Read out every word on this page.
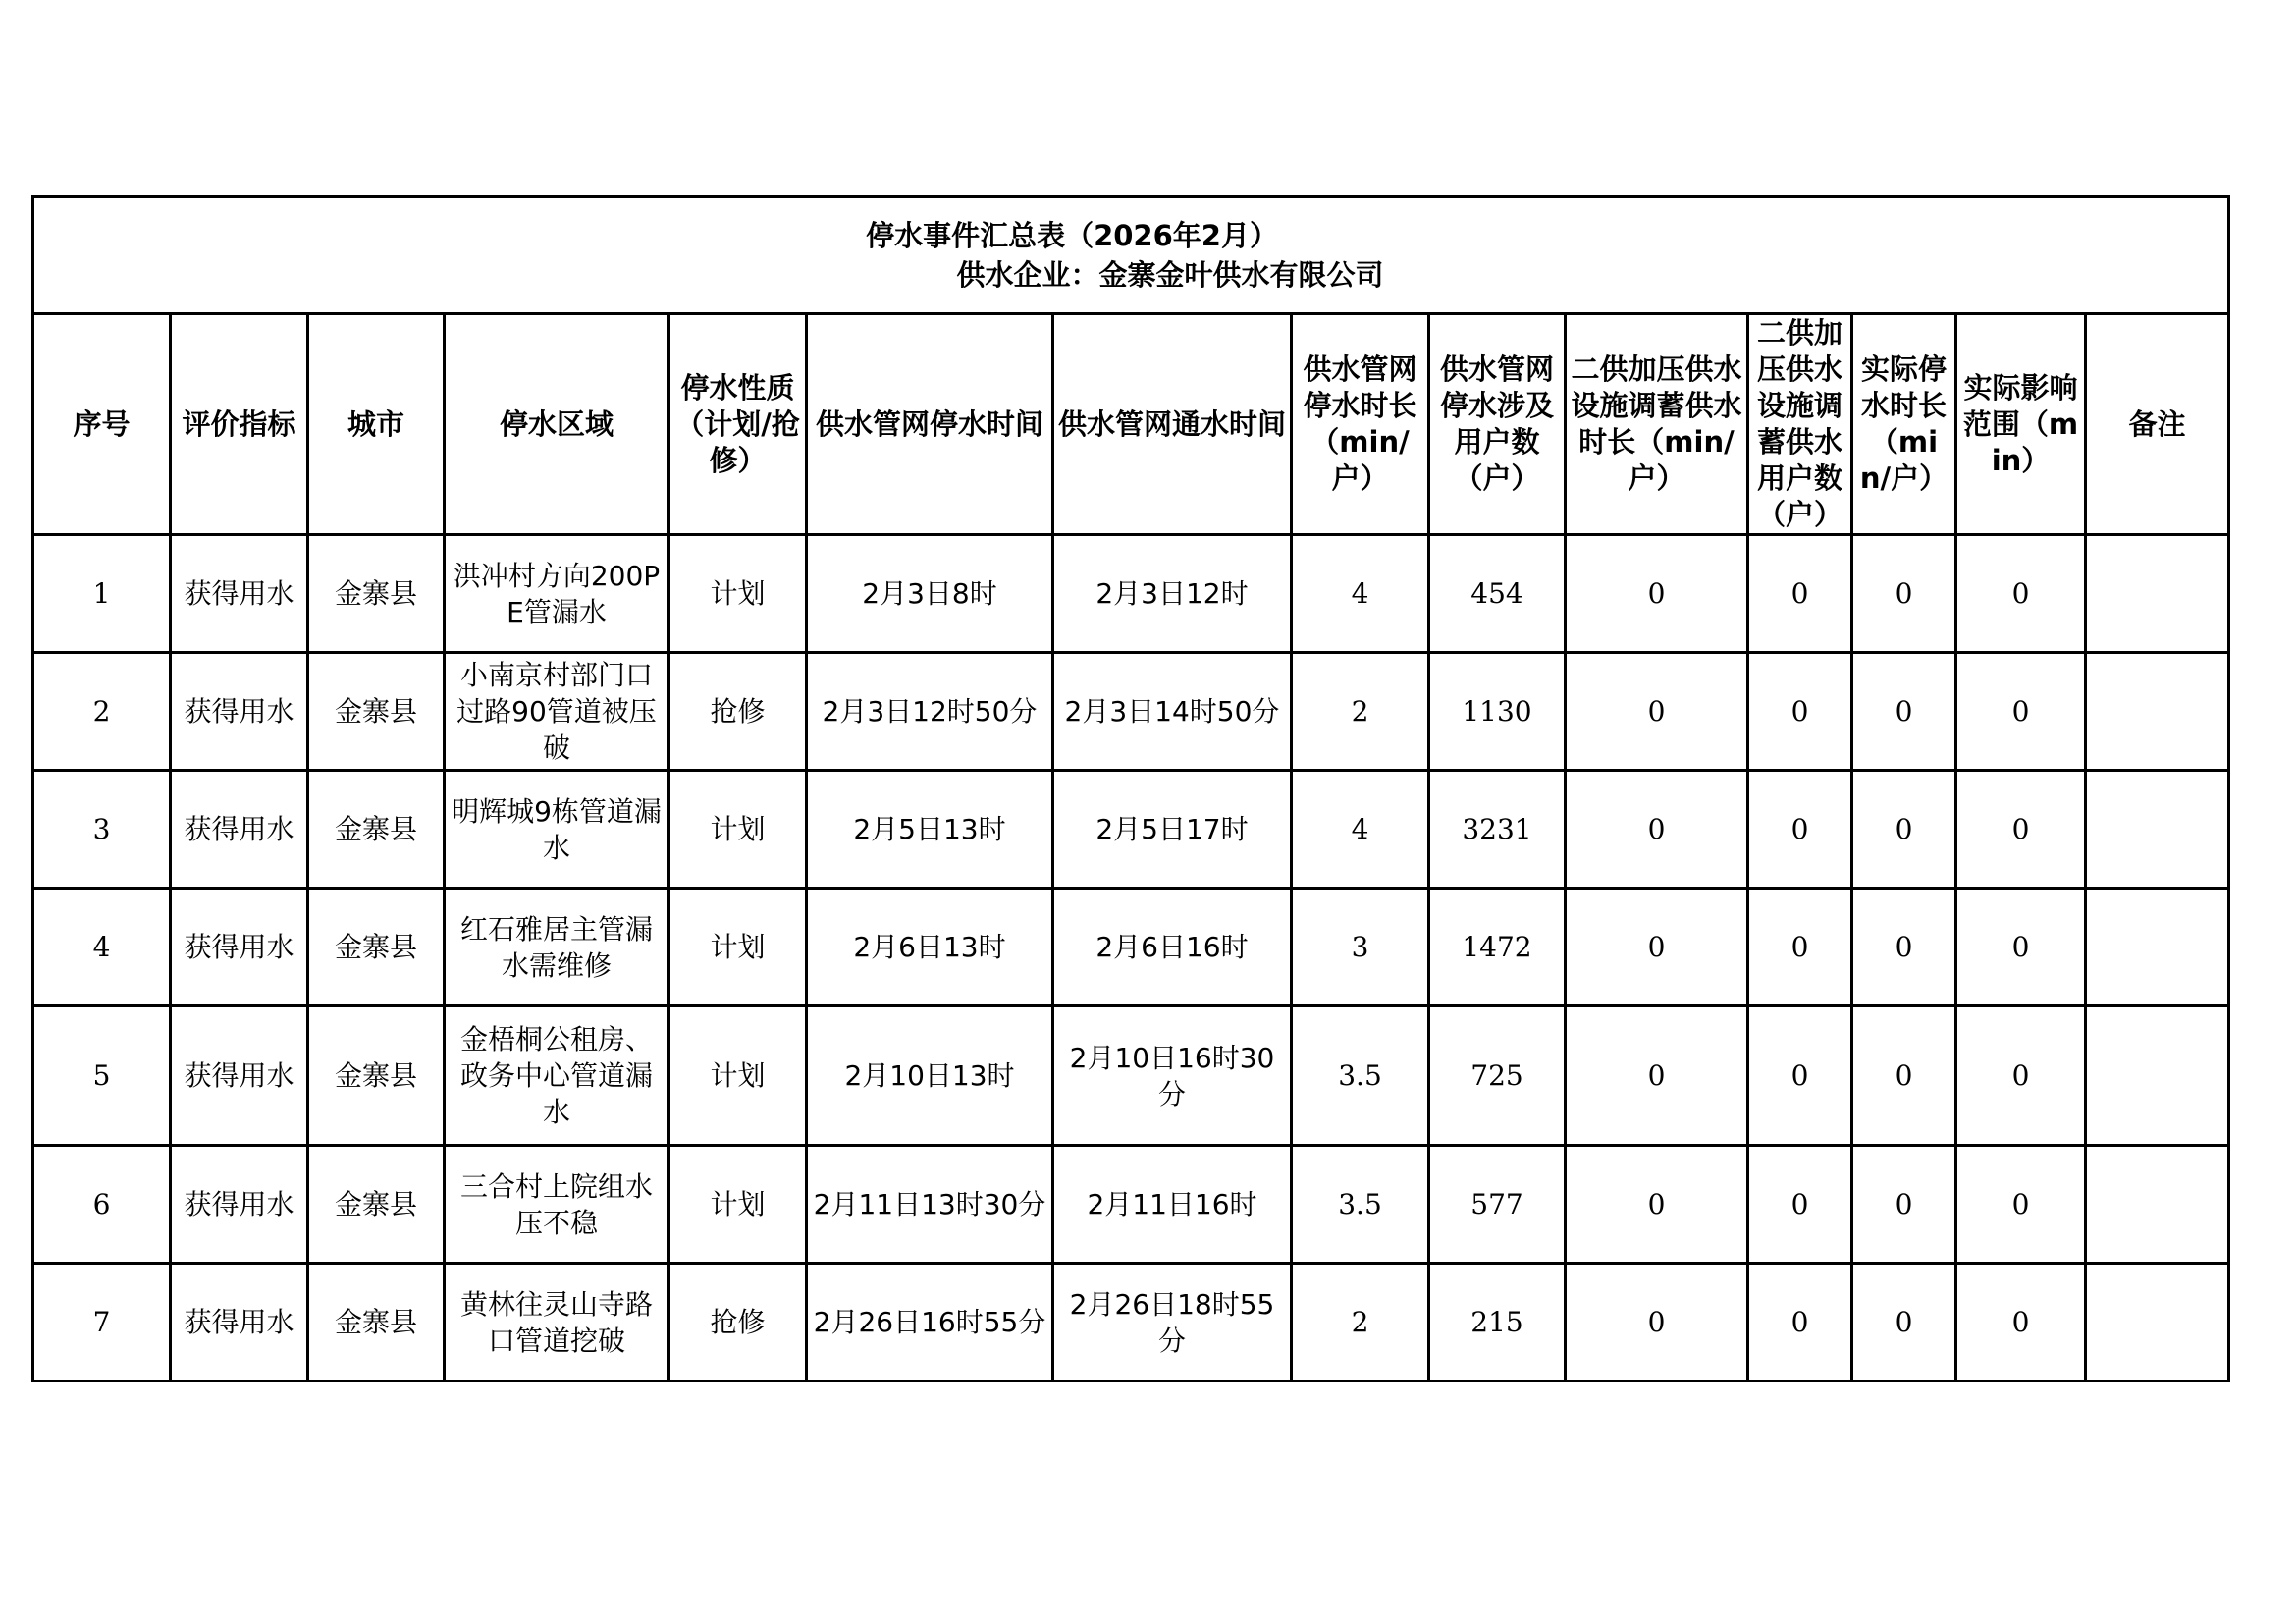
停水事件汇总表（2026年2月）
供水企业：金寨金叶供水有限公司													

序号	评价指标	城市	停水区域	停水性质（计划/抢修）	供水管网停水时间	供水管网通水时间	供水管网停水时长（min/户）	供水管网停水涉及用户数（户）	二供加压供水设施调蓄供水时长（min/户）	二供加压供水设施调蓄供水用户数（户）	实际停水时长（min/户）	实际影响范围（min）	备注
1	获得用水	金寨县	洪冲村方向200PE管漏水	计划	2月3日8时	2月3日12时	4	454	0	0	0	0	
2	获得用水	金寨县	小南京村部门口过路90管道被压破	抢修	2月3日12时50分	2月3日14时50分	2	1130	0	0	0	0	
3	获得用水	金寨县	明辉城9栋管道漏水	计划	2月5日13时	2月5日17时	4	3231	0	0	0	0	
4	获得用水	金寨县	红石雅居主管漏水需维修	计划	2月6日13时	2月6日16时	3	1472	0	0	0	0	
5	获得用水	金寨县	金梧桐公租房、政务中心管道漏水	计划	2月10日13时	2月10日16时30分	3.5	725	0	0	0	0	
6	获得用水	金寨县	三合村上院组水压不稳	计划	2月11日13时30分	2月11日16时	3.5	577	0	0	0	0	
7	获得用水	金寨县	黄林往灵山寺路口管道挖破	抢修	2月26日16时55分	2月26日18时55分	2	215	0	0	0	0	
